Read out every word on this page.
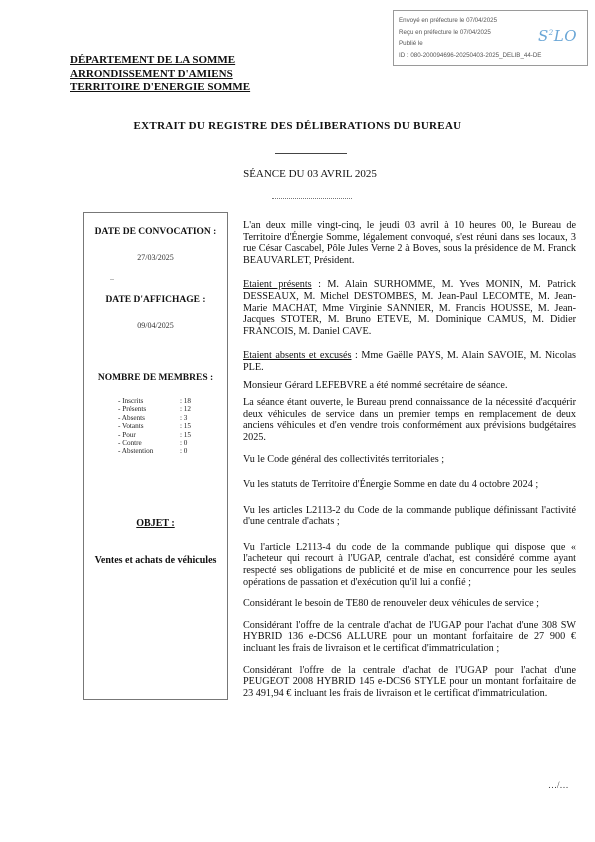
Envoyé en préfecture le 07/04/2025
Reçu en préfecture le 07/04/2025
Publié le
ID : 080-200094696-20250403-2025_DELIB_44-DE
$S^2LO$
DÉPARTEMENT DE LA SOMME
ARRONDISSEMENT D'AMIENS
TERRITOIRE D'ENERGIE SOMME
EXTRAIT DU REGISTRE DES DÉLIBERATIONS DU BUREAU
SÉANCE DU 03 AVRIL 2025
DATE DE CONVOCATION :
27/03/2025
..
DATE D'AFFICHAGE :
09/04/2025
NOMBRE DE MEMBRES :
- Inscrits	: 18
- Présents	: 12
- Absents	: 3
- Votants	: 15
- Pour	: 15
- Contre	: 0
- Abstention	: 0
OBJET :
Ventes et achats de véhicules

L'an deux mille vingt-cinq, le jeudi 03 avril à 10 heures 00, le Bureau de Territoire d'Énergie Somme, légalement convoqué, s'est réuni dans ses locaux, 3 rue César Cascabel, Pôle Jules Verne 2 à Boves, sous la présidence de M. Franck BEAUVARLET, Président.

Etaient présents : M. Alain SURHOMME, M. Yves MONIN, M. Patrick DESSEAUX, M. Michel DESTOMBES, M. Jean-Paul LECOMTE, M. Jean-Marie MACHAT, Mme Virginie SANNIER, M. Francis HOUSSE, M. Jean-Jacques STOTER, M. Bruno ETEVE, M. Dominique CAMUS, M. Didier FRANCOIS, M. Daniel CAVE.

Etaient absents et excusés : Mme Gaëlle PAYS, M. Alain SAVOIE, M. Nicolas PLE.

Monsieur Gérard LEFEBVRE a été nommé secrétaire de séance.

La séance étant ouverte, le Bureau prend connaissance de la nécessité d'acquérir deux véhicules de service dans un premier temps en remplacement de deux anciens véhicules et d'en vendre trois conformément aux prévisions budgétaires 2025.

Vu le Code général des collectivités territoriales ;

Vu les statuts de Territoire d'Énergie Somme en date du 4 octobre 2024 ;

Vu les articles L2113-2 du Code de la commande publique définissant l'activité d'une centrale d'achats ;

Vu l'article L2113-4 du code de la commande publique qui dispose que « l'acheteur qui recourt à l'UGAP, centrale d'achat, est considéré comme ayant respecté ses obligations de publicité et de mise en concurrence pour les seules opérations de passation et d'exécution qu'il lui a confié ;

Considérant le besoin de TE80 de renouveler deux véhicules de service ;

Considérant l'offre de la centrale d'achat de l'UGAP pour l'achat d'une 308 SW HYBRID 136 e-DCS6 ALLURE pour un montant forfaitaire de 27 900 € incluant les frais de livraison et le certificat d'immatriculation ;

Considérant l'offre de la centrale d'achat de l'UGAP pour l'achat d'une PEUGEOT 2008 HYBRID 145 e-DCS6 STYLE pour un montant forfaitaire de 23 491,94 € incluant les frais de livraison et le certificat d'immatriculation.

…/…
